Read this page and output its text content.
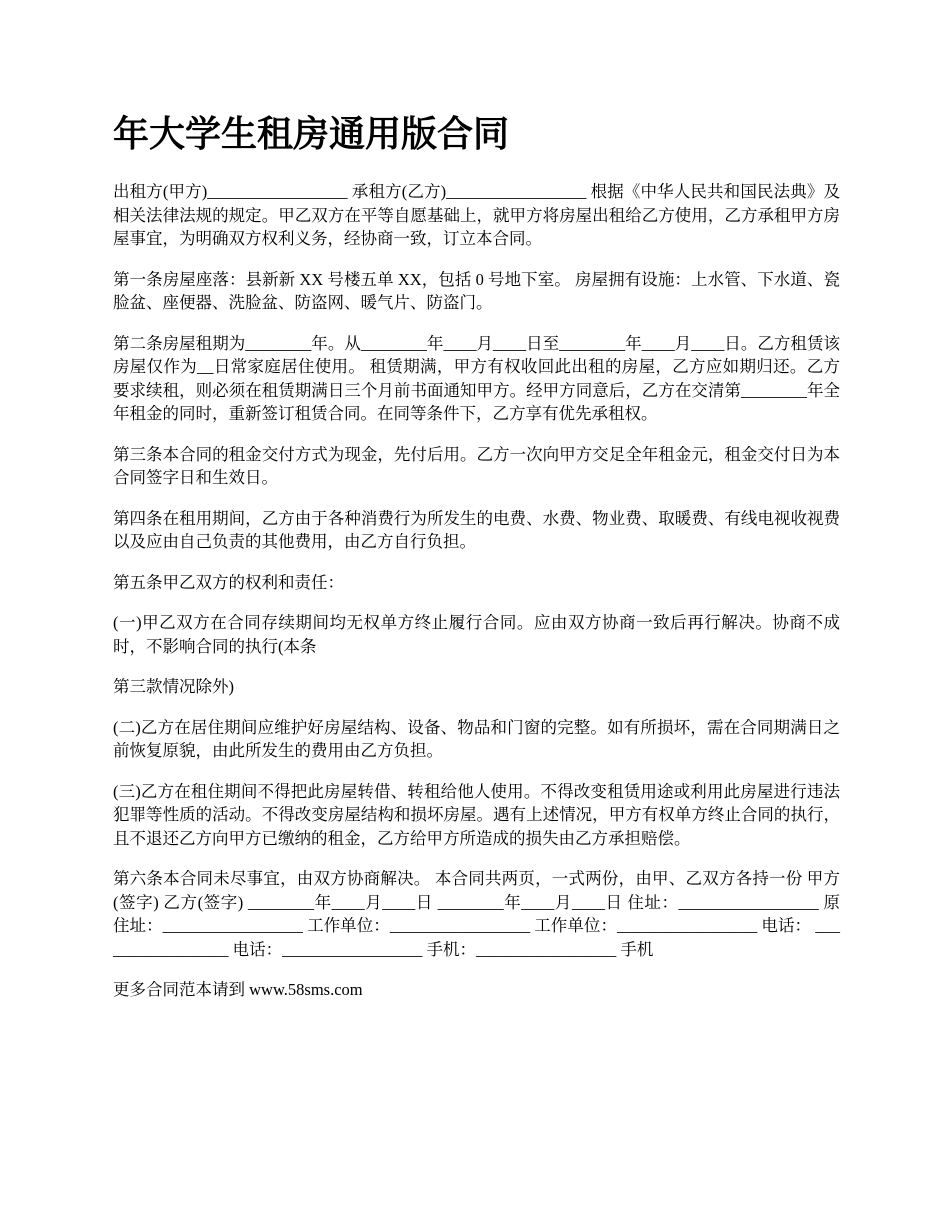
年大学生租房通用版合同

出租方(甲方)_________________ 承租方(乙方)_________________ 根据《中华人民共和国民法典》及相关法律法规的规定。甲乙双方在平等自愿基础上，就甲方将房屋出租给乙方使用，乙方承租甲方房屋事宜，为明确双方权利义务，经协商一致，订立本合同。

第一条房屋座落：县新新 XX 号楼五单 XX，包括 0 号地下室。 房屋拥有设施：上水管、下水道、瓷脸盆、座便器、洗脸盆、防盗网、暖气片、防盗门。

第二条房屋租期为________年。从________年____月____日至________年____月____日。乙方租赁该房屋仅作为__日常家庭居住使用。 租赁期满，甲方有权收回此出租的房屋，乙方应如期归还。乙方要求续租，则必须在租赁期满日三个月前书面通知甲方。经甲方同意后，乙方在交清第________年全年租金的同时，重新签订租赁合同。在同等条件下，乙方享有优先承租权。

第三条本合同的租金交付方式为现金，先付后用。乙方一次向甲方交足全年租金元，租金交付日为本合同签字日和生效日。

第四条在租用期间，乙方由于各种消费行为所发生的电费、水费、物业费、取暖费、有线电视收视费以及应由自己负责的其他费用，由乙方自行负担。

第五条甲乙双方的权利和责任：

(一)甲乙双方在合同存续期间均无权单方终止履行合同。应由双方协商一致后再行解决。协商不成时，不影响合同的执行(本条

第三款情况除外)

(二)乙方在居住期间应维护好房屋结构、设备、物品和门窗的完整。如有所损坏，需在合同期满日之前恢复原貌，由此所发生的费用由乙方负担。

(三)乙方在租住期间不得把此房屋转借、转租给他人使用。不得改变租赁用途或利用此房屋进行违法犯罪等性质的活动。不得改变房屋结构和损坏房屋。遇有上述情况，甲方有权单方终止合同的执行，且不退还乙方向甲方已缴纳的租金，乙方给甲方所造成的损失由乙方承担赔偿。

第六条本合同未尽事宜，由双方协商解决。 本合同共两页，一式两份，由甲、乙双方各持一份 甲方(签字) 乙方(签字) ________年____月____日 ________年____月____日 住址：_________________ 原住址：_________________ 工作单位：_________________ 工作单位：_________________ 电话： _________________ 电话：_________________ 手机：_________________ 手机

更多合同范本请到 www.58sms.com
